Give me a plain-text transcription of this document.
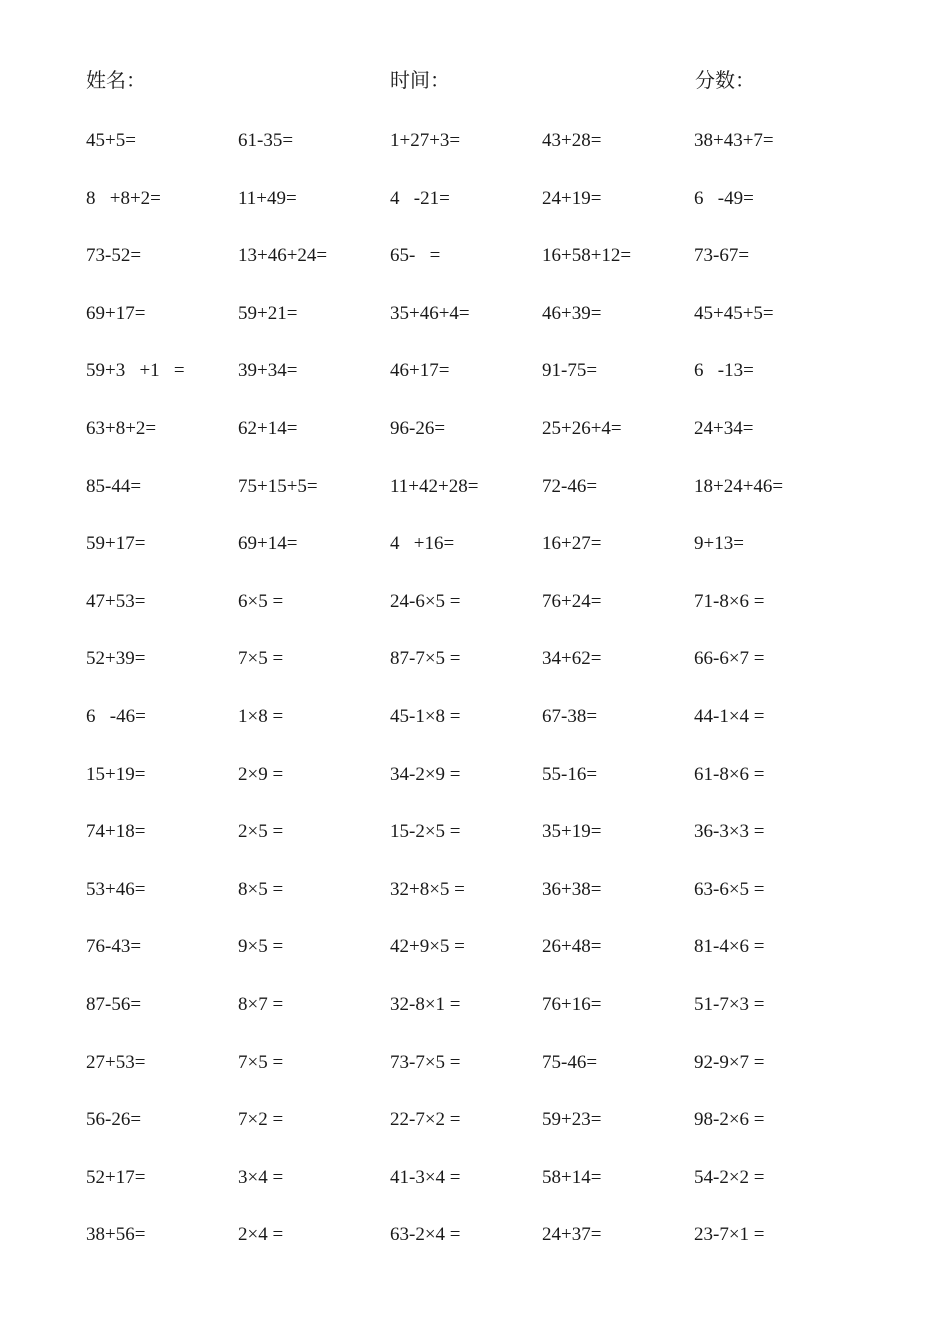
姓名：	时间：	分数：
45+5=	61-35=	1+27+3=	43+28=	38+43+7=
8   +8+2=	11+49=	4   -21=	24+19=	6   -49=
73-52=	13+46+24=	65-   =	16+58+12=	73-67=
69+17=	59+21=	35+46+4=	46+39=	45+45+5=
59+3   +1   =	39+34=	46+17=	91-75=	6   -13=
63+8+2=	62+14=	96-26=	25+26+4=	24+34=
85-44=	75+15+5=	11+42+28=	72-46=	18+24+46=
59+17=	69+14=	4   +16=	16+27=	9+13=
47+53=	6×5 =	24-6×5 =	76+24=	71-8×6 =
52+39=	7×5 =	87-7×5 =	34+62=	66-6×7 =
6   -46=	1×8 =	45-1×8 =	67-38=	44-1×4 =
15+19=	2×9 =	34-2×9 =	55-16=	61-8×6 =
74+18=	2×5 =	15-2×5 =	35+19=	36-3×3 =
53+46=	8×5 =	32+8×5 =	36+38=	63-6×5 =
76-43=	9×5 =	42+9×5 =	26+48=	81-4×6 =
87-56=	8×7 =	32-8×1 =	76+16=	51-7×3 =
27+53=	7×5 =	73-7×5 =	75-46=	92-9×7 =
56-26=	7×2 =	22-7×2 =	59+23=	98-2×6 =
52+17=	3×4 =	41-3×4 =	58+14=	54-2×2 =
38+56=	2×4 =	63-2×4 =	24+37=	23-7×1 =
